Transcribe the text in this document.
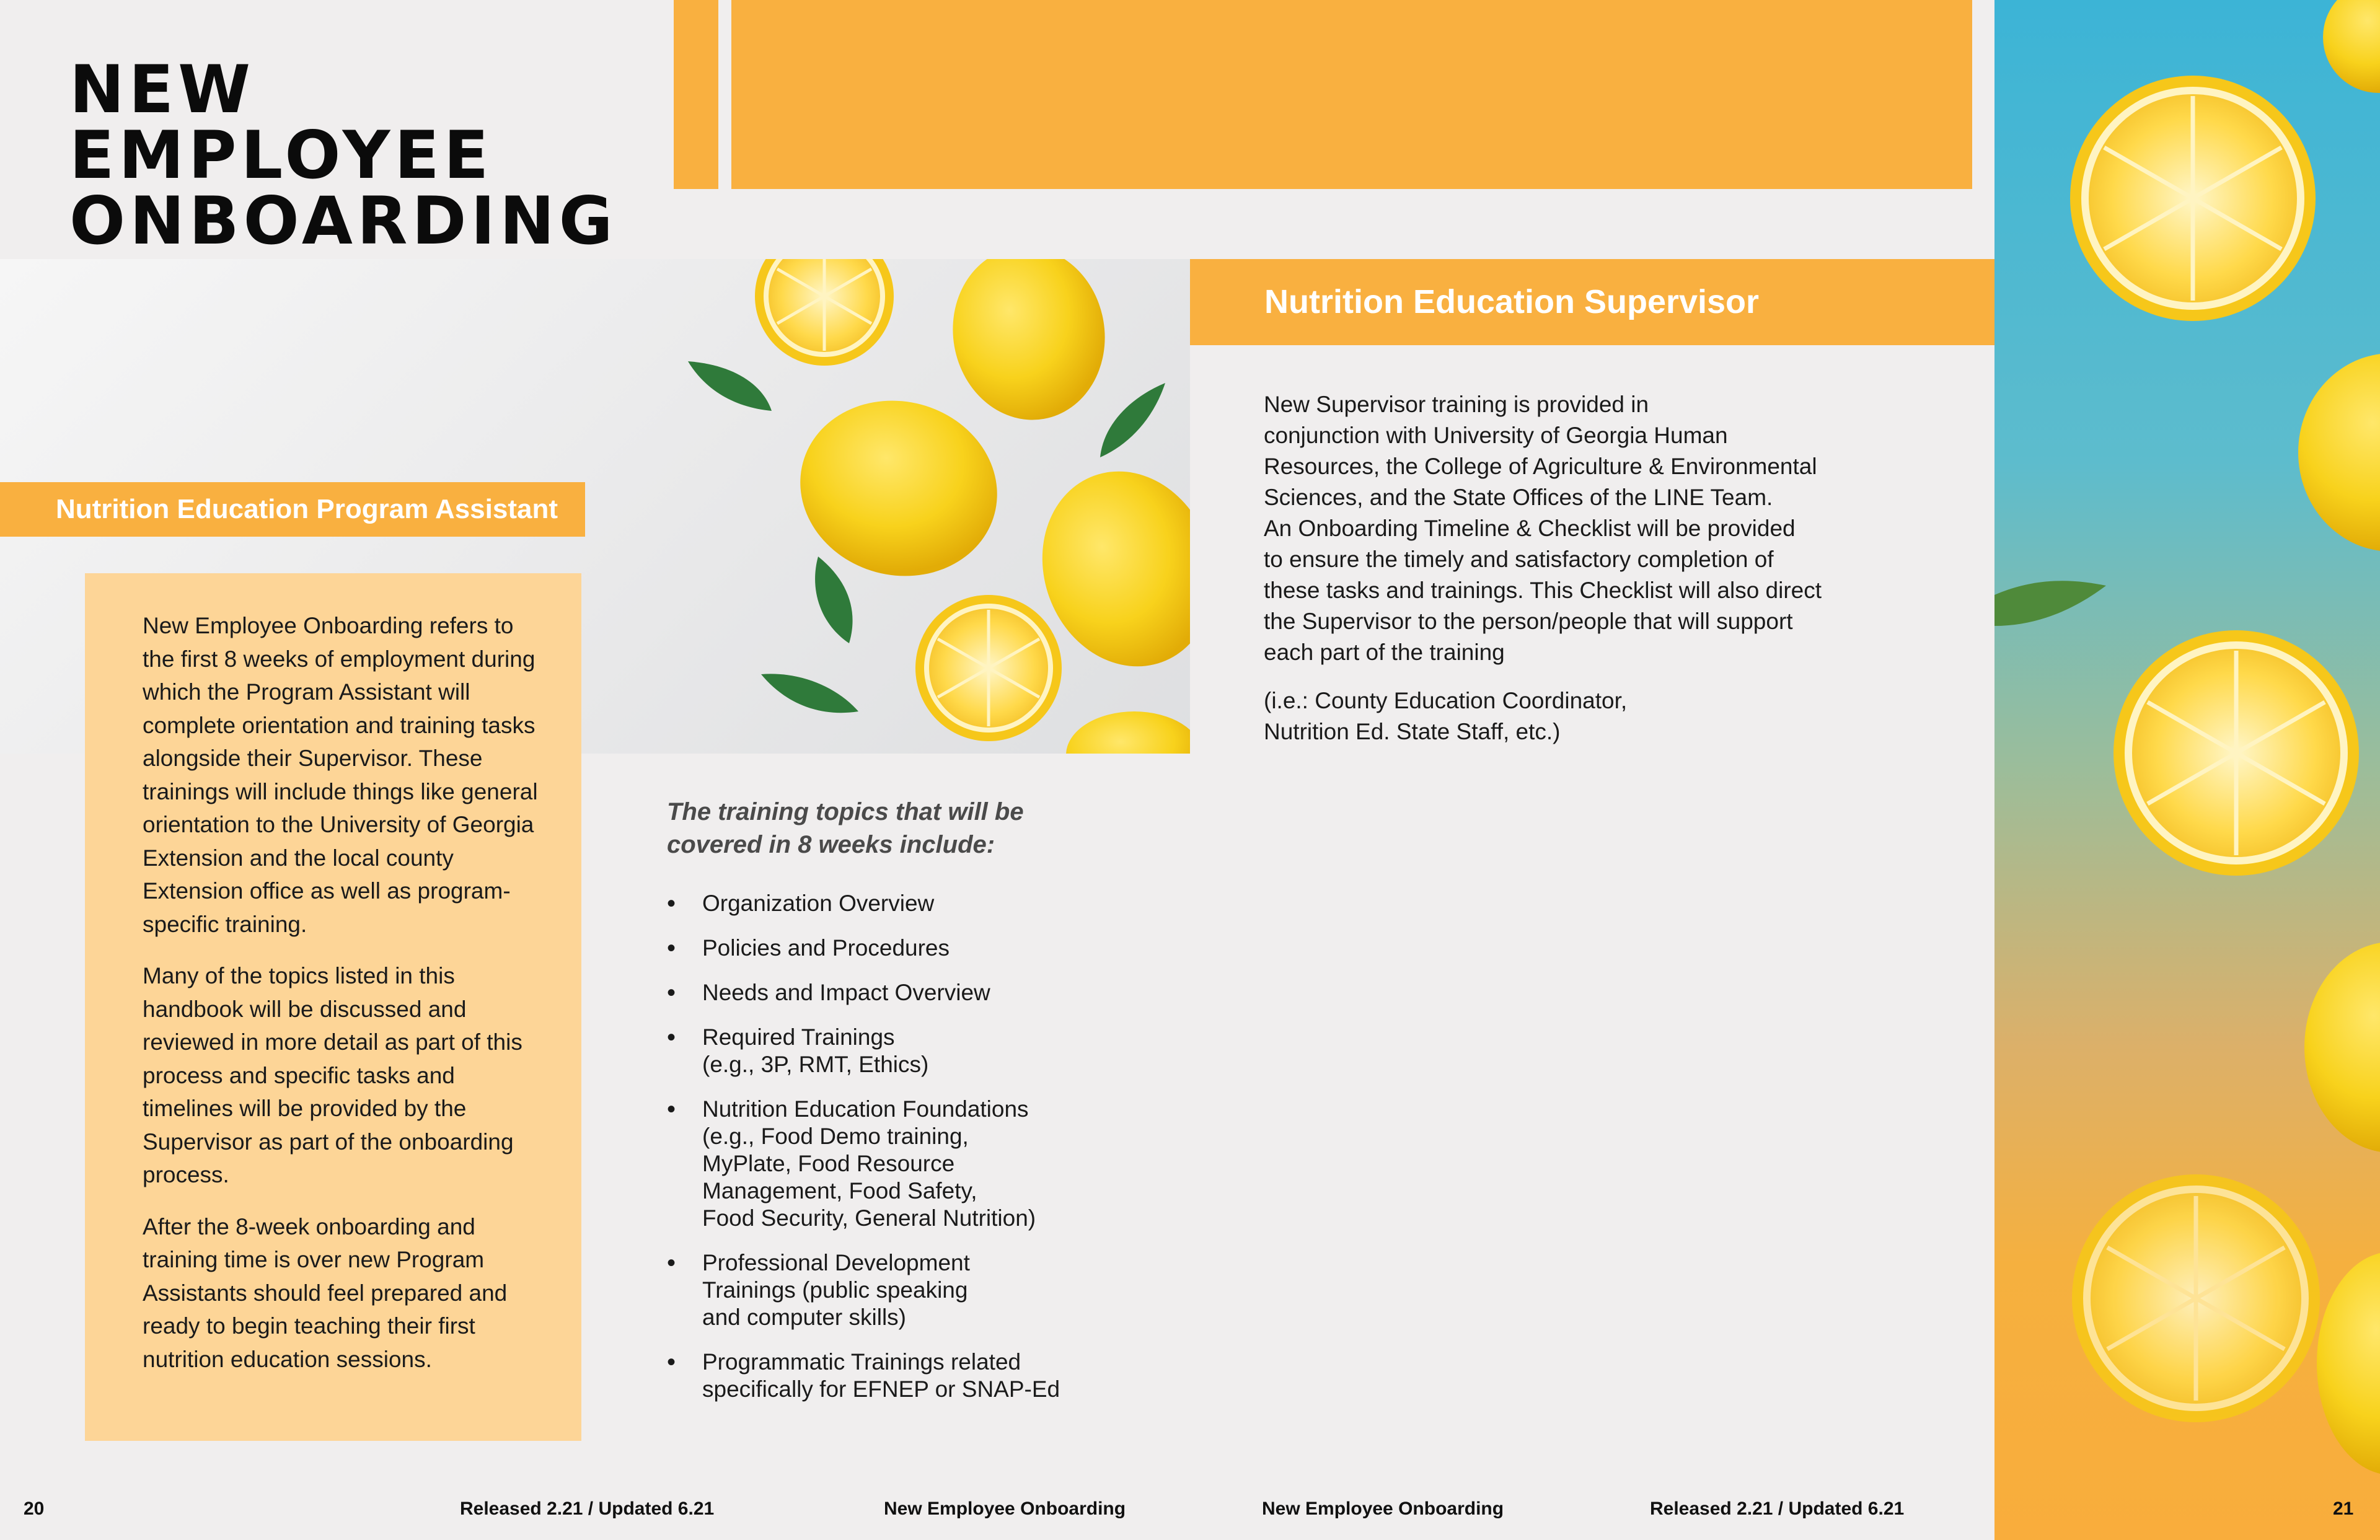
NEW EMPLOYEE
ONBOARDING
Nutrition Education Program Assistant

New Employee Onboarding refers to the first 8 weeks of employment during which the Program Assistant will complete orientation and training tasks alongside their Supervisor. These trainings will include things like general orientation to the University of Georgia Extension and the local county Extension office as well as program-specific training.

Many of the topics listed in this handbook will be discussed and reviewed in more detail as part of this process and specific tasks and timelines will be provided by the Supervisor as part of the onboarding process.

After the 8-week onboarding and training time is over new Program Assistants should feel prepared and ready to begin teaching their first nutrition education sessions.

The training topics that will be
covered in 8 weeks include:
• Organization Overview
• Policies and Procedures
• Needs and Impact Overview
• Required Trainings
(e.g., 3P, RMT, Ethics)
• Nutrition Education Foundations
(e.g., Food Demo training,
MyPlate, Food Resource
Management, Food Safety,
Food Security, General Nutrition)
• Professional Development
Trainings (public speaking
and computer skills)
• Programmatic Trainings related
specifically for EFNEP or SNAP-Ed
Nutrition Education Supervisor

New Supervisor training is provided in
conjunction with University of Georgia Human
Resources, the College of Agriculture & Environmental
Sciences, and the State Offices of the LINE Team.
An Onboarding Timeline & Checklist will be provided
to ensure the timely and satisfactory completion of
these tasks and trainings. This Checklist will also direct
the Supervisor to the person/people that will support
each part of the training

(i.e.: County Education Coordinator,
Nutrition Ed. State Staff, etc.)

20	Released 2.21 / Updated 6.21	New Employee Onboarding	New Employee Onboarding	Released 2.21 / Updated 6.21	21
